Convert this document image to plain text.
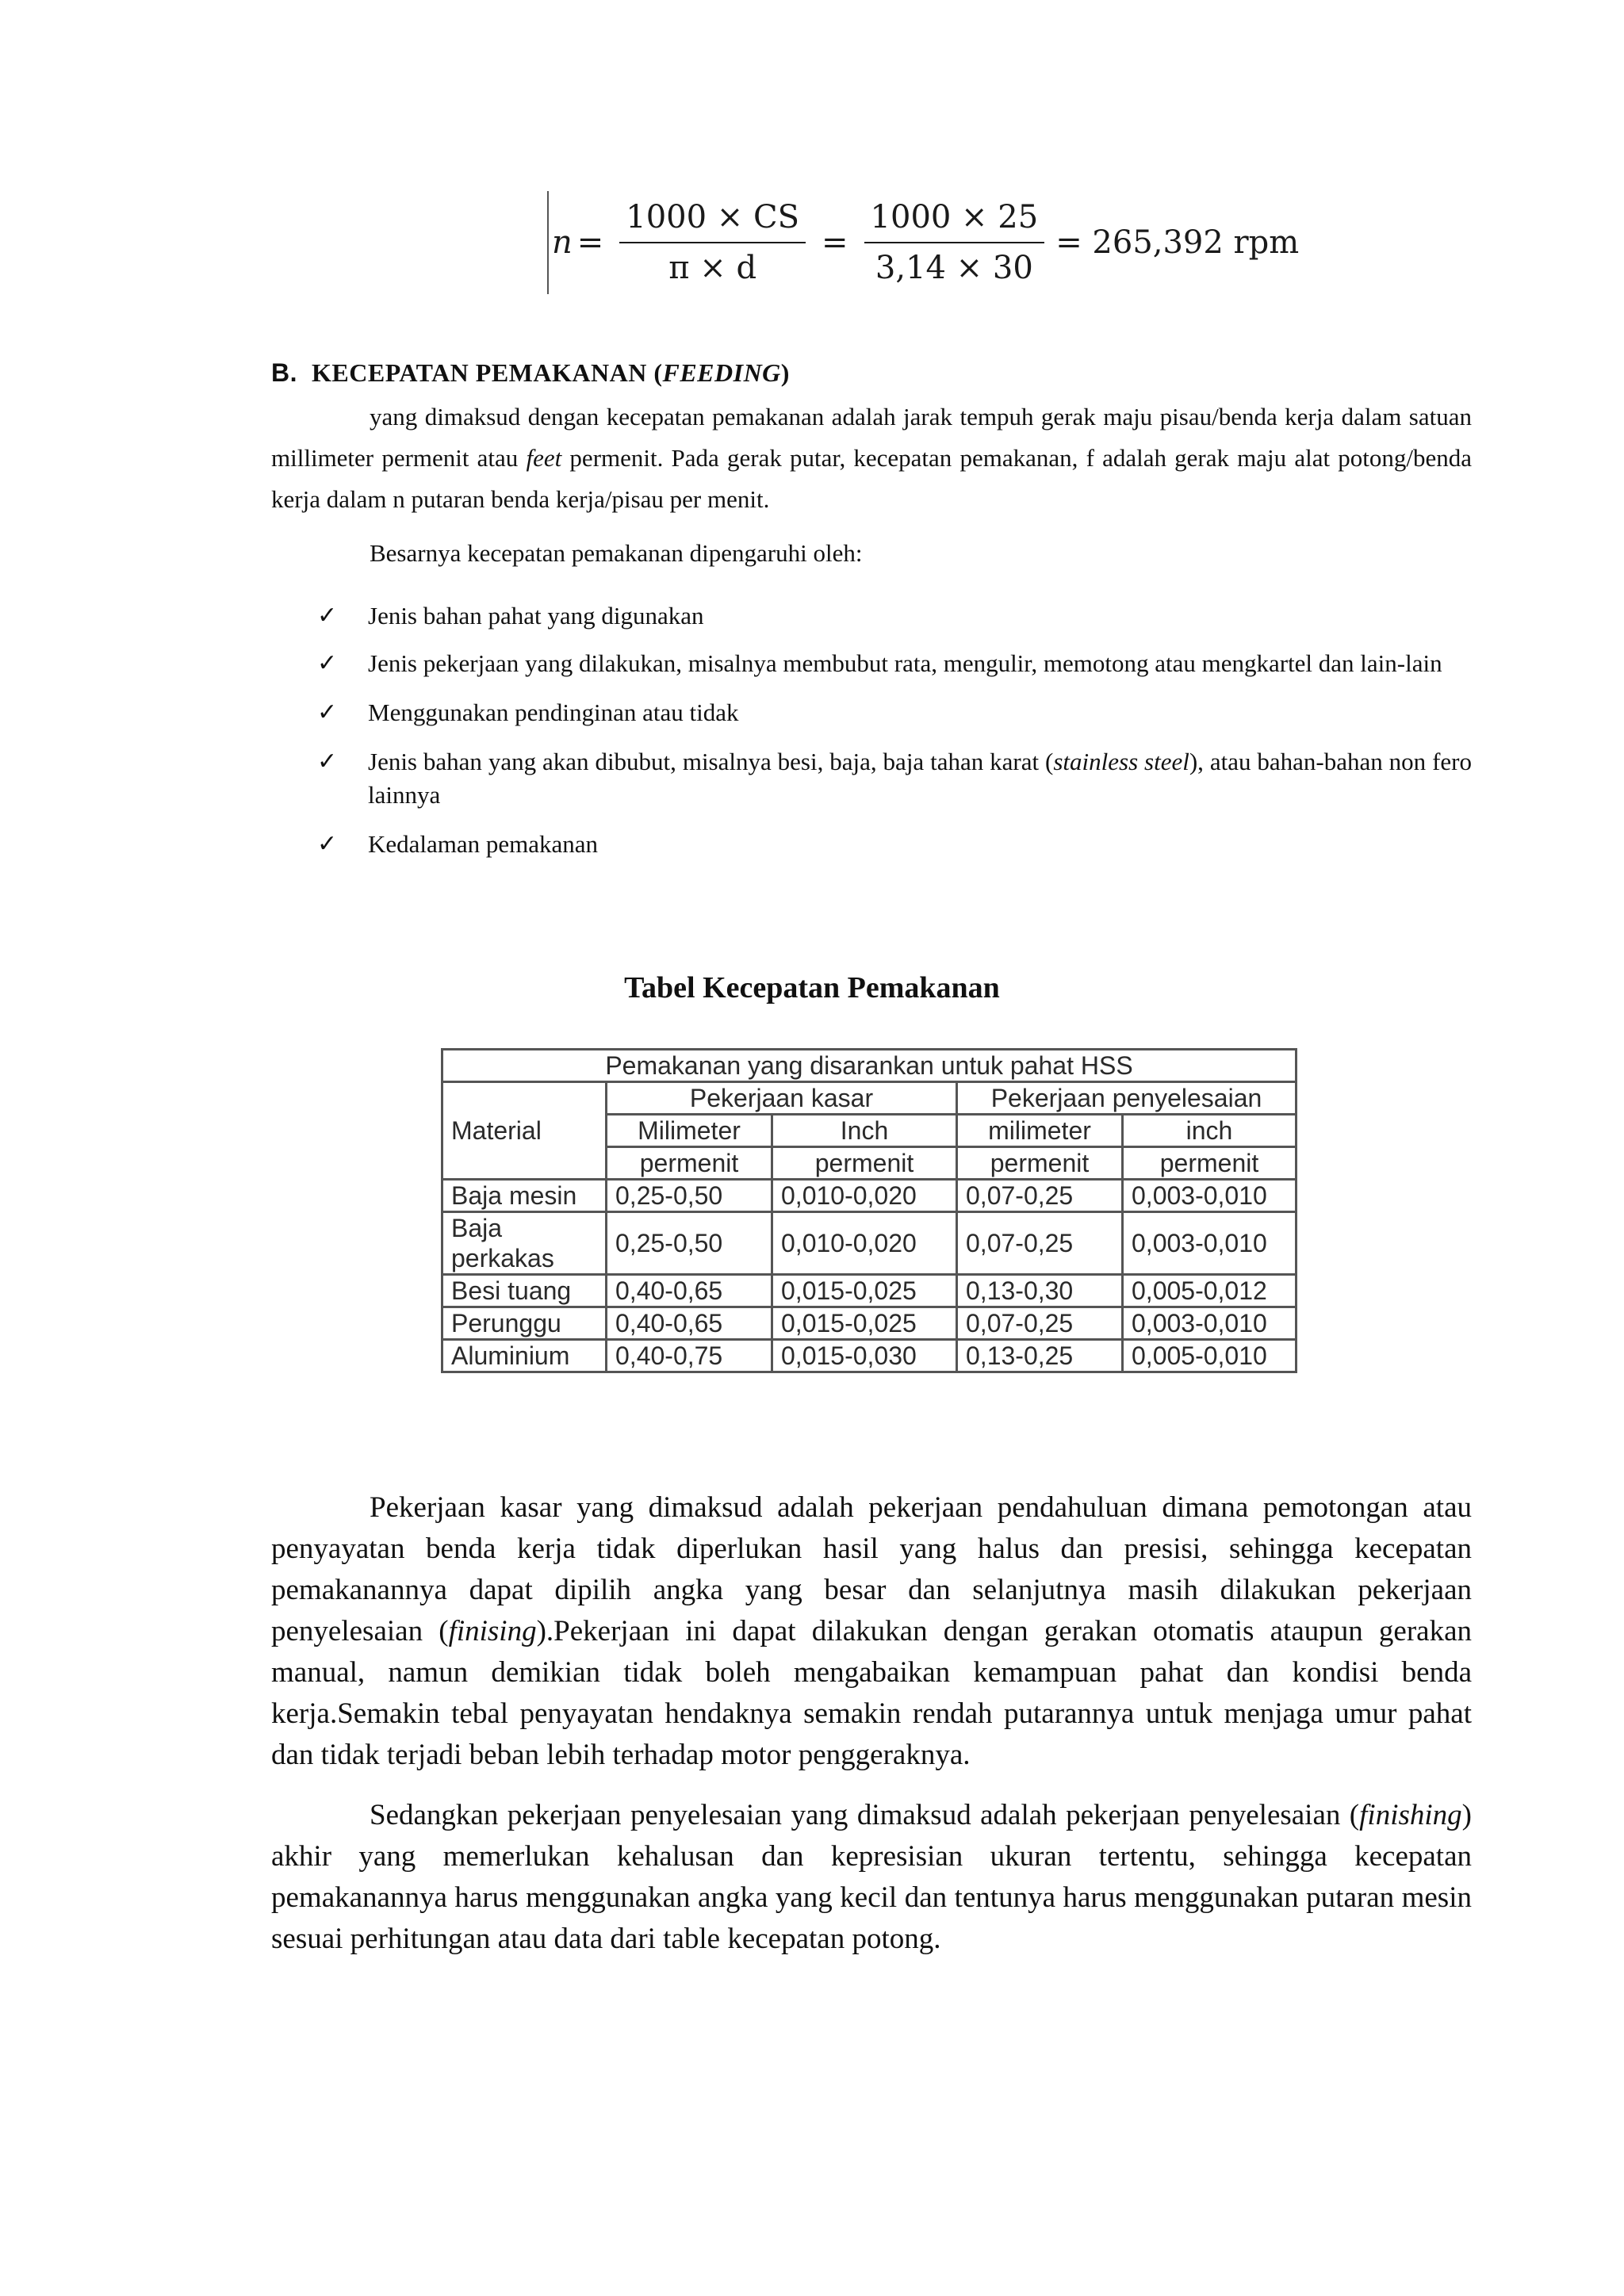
$n = \frac{1000 \times CS}{\pi \times d} = \frac{1000 \times 25}{3,14 \times 30} = 265,392$ rpm
B. KECEPATAN PEMAKANAN (FEEDING)
yang dimaksud dengan kecepatan pemakanan adalah jarak tempuh gerak maju pisau/benda kerja dalam satuan millimeter permenit atau feet permenit. Pada gerak putar, kecepatan pemakanan, f adalah gerak maju alat potong/benda kerja dalam n putaran benda kerja/pisau per menit.
Besarnya kecepatan pemakanan dipengaruhi oleh:
✓	Jenis bahan pahat yang digunakan
✓	Jenis pekerjaan yang dilakukan, misalnya membubut rata, mengulir, memotong atau mengkartel dan lain-lain
✓	Menggunakan pendinginan atau tidak
✓	Jenis bahan yang akan dibubut, misalnya besi, baja, baja tahan karat (stainless steel), atau bahan-bahan non fero lainnya
✓	Kedalaman pemakanan
Tabel Kecepatan Pemakanan
Pemakanan yang disarankan untuk pahat HSS				
Material	Pekerjaan kasar		Pekerjaan penyelesaian	
	Milimeter	Inch	milimeter	inch
	permenit	permenit	permenit	permenit
Baja mesin	0,25-0,50	0,010-0,020	0,07-0,25	0,003-0,010
Baja
perkakas	0,25-0,50	0,010-0,020	0,07-0,25	0,003-0,010
Besi tuang	0,40-0,65	0,015-0,025	0,13-0,30	0,005-0,012
Perunggu	0,40-0,65	0,015-0,025	0,07-0,25	0,003-0,010
Aluminium	0,40-0,75	0,015-0,030	0,13-0,25	0,005-0,010
Pekerjaan kasar yang dimaksud adalah pekerjaan pendahuluan dimana pemotongan atau penyayatan benda kerja tidak diperlukan hasil yang halus dan presisi, sehingga kecepatan pemakanannya dapat dipilih angka yang besar dan selanjutnya masih dilakukan pekerjaan penyelesaian (finising).Pekerjaan ini dapat dilakukan dengan gerakan otomatis ataupun gerakan manual, namun demikian tidak boleh mengabaikan kemampuan pahat dan kondisi benda kerja.Semakin tebal penyayatan hendaknya semakin rendah putarannya untuk menjaga umur pahat dan tidak terjadi beban lebih terhadap motor penggeraknya.
Sedangkan pekerjaan penyelesaian yang dimaksud adalah pekerjaan penyelesaian (finishing) akhir yang memerlukan kehalusan dan kepresisian ukuran tertentu, sehingga kecepatan pemakanannya harus menggunakan angka yang kecil dan tentunya harus menggunakan putaran mesin sesuai perhitungan atau data dari table kecepatan potong.
